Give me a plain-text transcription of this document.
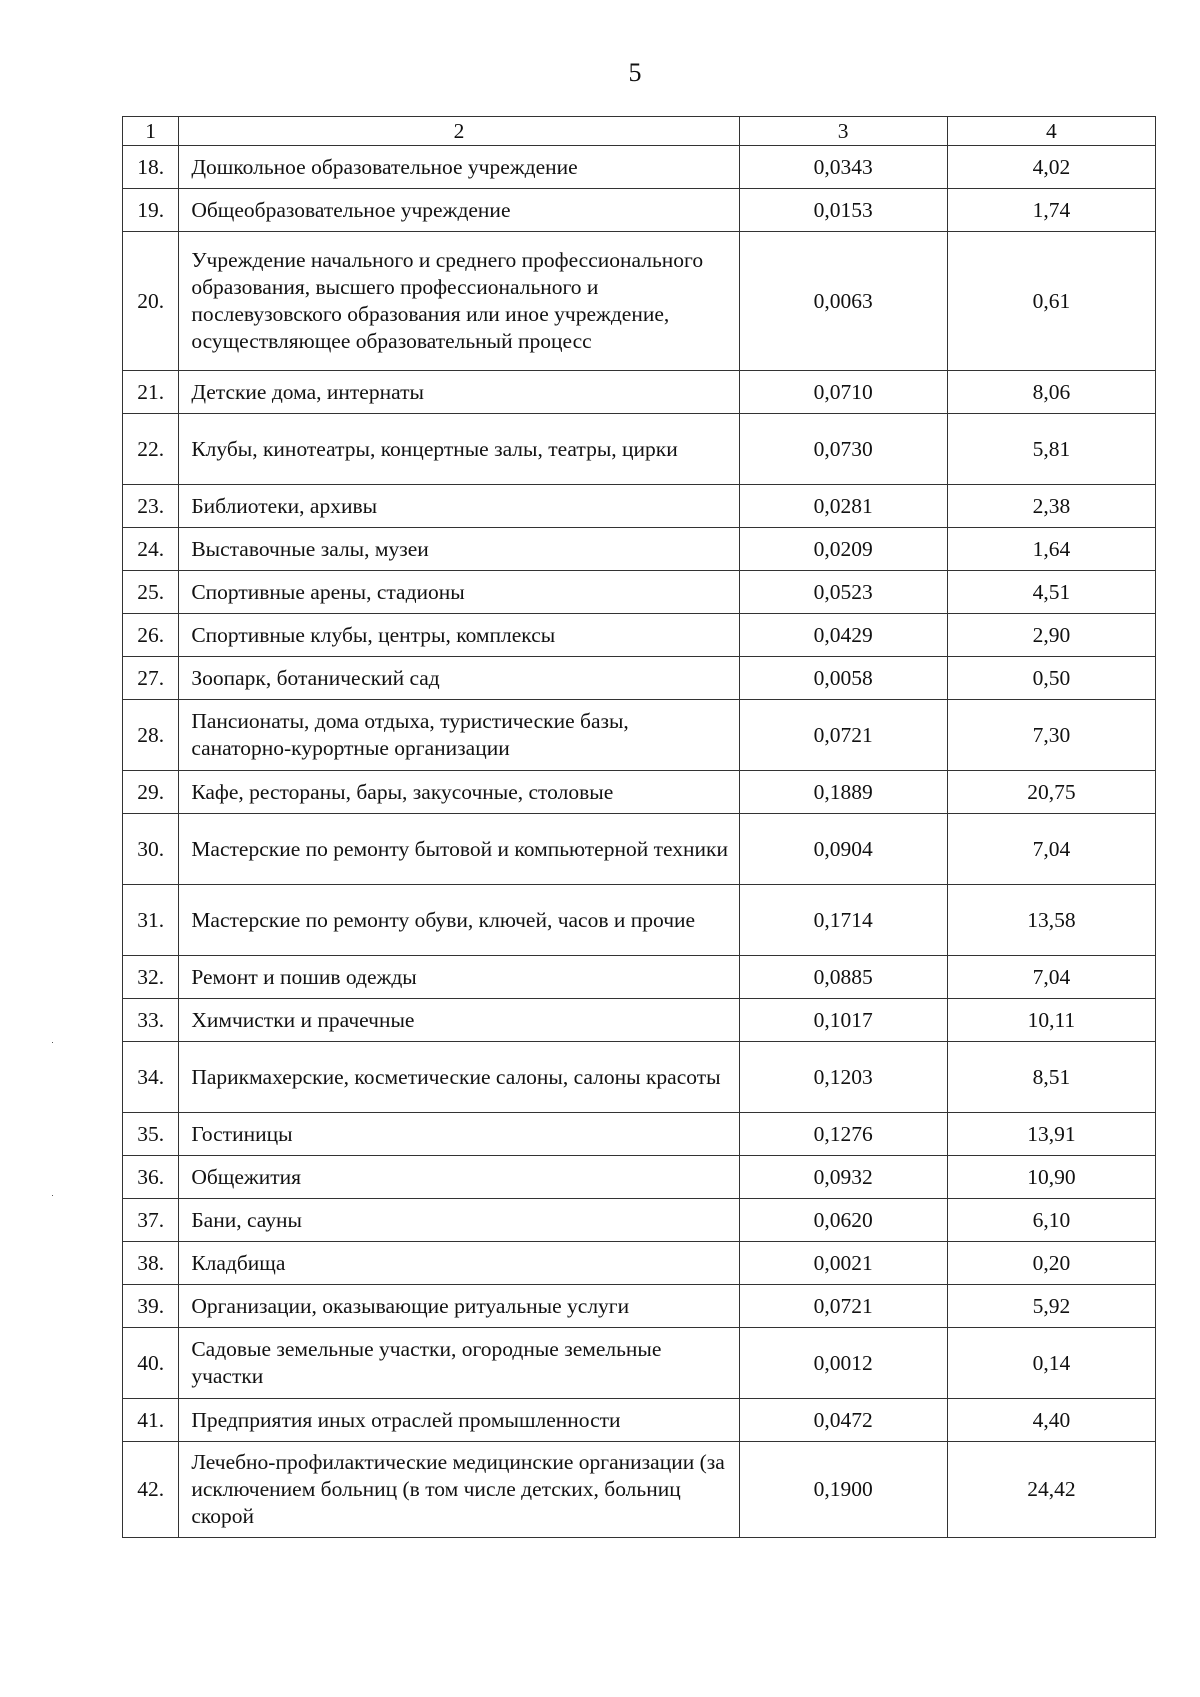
5
1	2	3	4
18.	Дошкольное образовательное учреждение	0,0343	4,02
19.	Общеобразовательное учреждение	0,0153	1,74
20.	Учреждение начального и среднего профессионального образования, высшего профессионального и послевузовского образования или иное учреждение, осуществляющее образовательный процесс	0,0063	0,61
21.	Детские дома, интернаты	0,0710	8,06
22.	Клубы, кинотеатры, концертные залы, театры, цирки	0,0730	5,81
23.	Библиотеки, архивы	0,0281	2,38
24.	Выставочные залы, музеи	0,0209	1,64
25.	Спортивные арены, стадионы	0,0523	4,51
26.	Спортивные клубы, центры, комплексы	0,0429	2,90
27.	Зоопарк, ботанический сад	0,0058	0,50
28.	Пансионаты, дома отдыха, туристические базы, санаторно-курортные организации	0,0721	7,30
29.	Кафе, рестораны, бары, закусочные, столовые	0,1889	20,75
30.	Мастерские по ремонту бытовой и компьютерной техники	0,0904	7,04
31.	Мастерские по ремонту обуви, ключей, часов и прочие	0,1714	13,58
32.	Ремонт и пошив одежды	0,0885	7,04
33.	Химчистки и прачечные	0,1017	10,11
34.	Парикмахерские, косметические салоны, салоны красоты	0,1203	8,51
35.	Гостиницы	0,1276	13,91
36.	Общежития	0,0932	10,90
37.	Бани, сауны	0,0620	6,10
38.	Кладбища	0,0021	0,20
39.	Организации, оказывающие ритуальные услуги	0,0721	5,92
40.	Садовые земельные участки, огородные земельные участки	0,0012	0,14
41.	Предприятия иных отраслей промышленности	0,0472	4,40
42.	Лечебно-профилактические медицинские организации (за исключением больниц (в том числе детских, больниц скорой	0,1900	24,42
